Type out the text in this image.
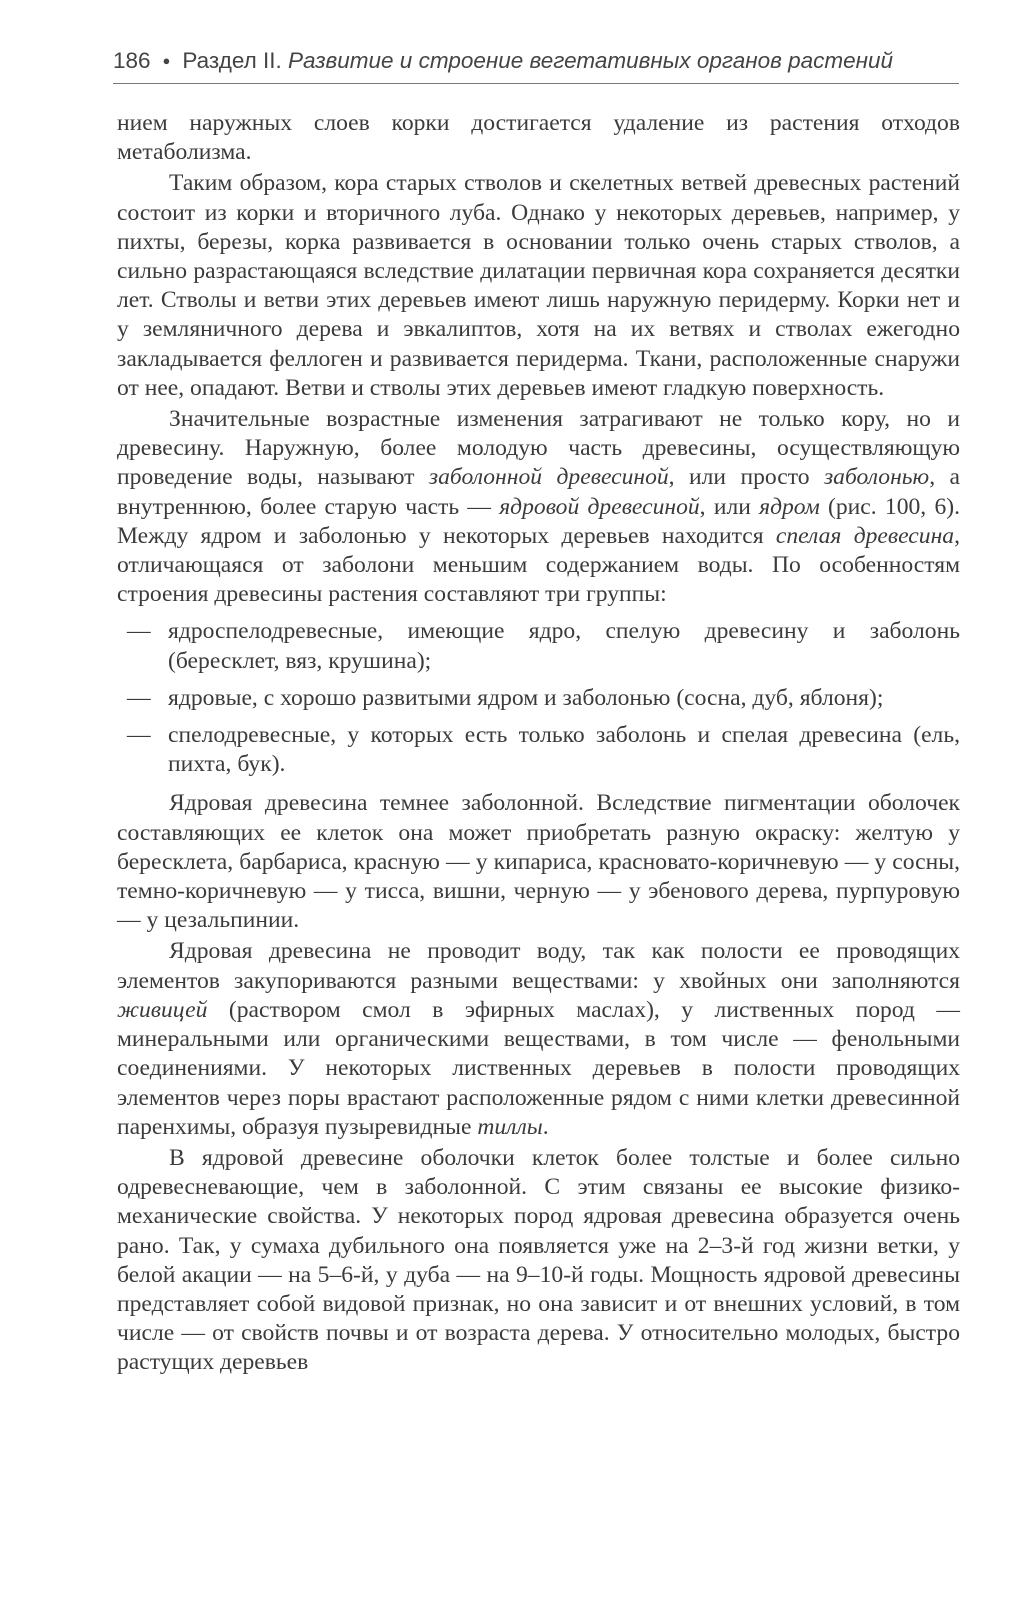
186 ● Раздел II. Развитие и строение вегетативных органов растений

нием наружных слоев корки достигается удаление из растения отходов метаболизма.

Таким образом, кора старых стволов и скелетных ветвей древесных растений состоит из корки и вторичного луба. Однако у некоторых деревьев, например, у пихты, березы, корка развивается в основании только очень старых стволов, а сильно разрастающаяся вследствие дилатации первичная кора сохраняется десятки лет. Стволы и ветви этих деревьев имеют лишь наружную перидерму. Корки нет и у земляничного дерева и эвкалиптов, хотя на их ветвях и стволах ежегодно закладывается феллоген и развивается перидерма. Ткани, расположенные снаружи от нее, опадают. Ветви и стволы этих деревьев имеют гладкую поверхность.

Значительные возрастные изменения затрагивают не только кору, но и древесину. Наружную, более молодую часть древесины, осуществляющую проведение воды, называют заболонной древесиной, или просто заболонью, а внутреннюю, более старую часть — ядровой древесиной, или ядром (рис. 100, 6). Между ядром и заболонью у некоторых деревьев находится спелая древесина, отличающаяся от заболони меньшим содержанием воды. По особенностям строения древесины растения составляют три группы:

— ядроспелодревесные, имеющие ядро, спелую древесину и заболонь (бересклет, вяз, крушина);
— ядровые, с хорошо развитыми ядром и заболонью (сосна, дуб, яблоня);
— спелодревесные, у которых есть только заболонь и спелая древесина (ель, пихта, бук).

Ядровая древесина темнее заболонной. Вследствие пигментации оболочек составляющих ее клеток она может приобретать разную окраску: желтую у бересклета, барбариса, красную — у кипариса, красновато-коричневую — у сосны, темно-коричневую — у тисса, вишни, черную — у эбенового дерева, пурпуровую — у цезальпинии.

Ядровая древесина не проводит воду, так как полости ее проводящих элементов закупориваются разными веществами: у хвойных они заполняются живицей (раствором смол в эфирных маслах), у лиственных пород — минеральными или органическими веществами, в том числе — фенольными соединениями. У некоторых лиственных деревьев в полости проводящих элементов через поры врастают расположенные рядом с ними клетки древесинной паренхимы, образуя пузыревидные тиллы.

В ядровой древесине оболочки клеток более толстые и более сильно одревесневающие, чем в заболонной. С этим связаны ее высокие физико-механические свойства. У некоторых пород ядровая древесина образуется очень рано. Так, у сумаха дубильного она появляется уже на 2–3-й год жизни ветки, у белой акации — на 5–6-й, у дуба — на 9–10-й годы. Мощность ядровой древесины представляет собой видовой признак, но она зависит и от внешних условий, в том числе — от свойств почвы и от возраста дерева. У относительно молодых, быстро растущих деревьев
